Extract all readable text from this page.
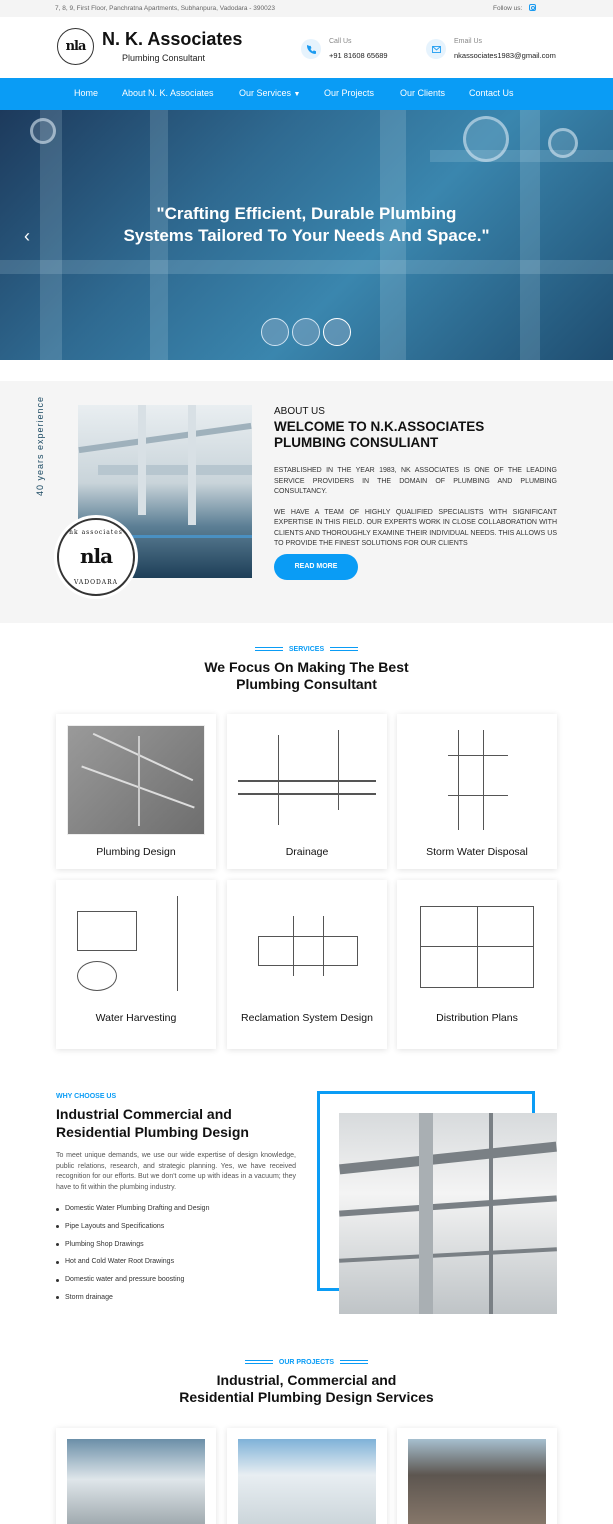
7, 8, 9, First Floor, Panchratna Apartments, Subhanpura, Vadodara - 390023	Follow us:
nla N. K. Associates
Plumbing Consultant
Call Us
+91 81608 65689
Email Us
nkassociates1983@gmail.com
Home	About N. K. Associates	Our Services ▼	Our Projects	Our Clients	Contact Us
‹
"Crafting Efficient, Durable Plumbing Systems Tailored To Your Needs And Space."
40 years experience
nk associates
nla
VADODARA
ABOUT US
WELCOME TO N.K.ASSOCIATES PLUMBING CONSULIANT

ESTABLISHED IN THE YEAR 1983, NK ASSOCIATES IS ONE OF THE LEADING SERVICE PROVIDERS IN THE DOMAIN OF PLUMBING AND PLUMBING CONSULTANCY.

WE HAVE A TEAM OF HIGHLY QUALIFIED SPECIALISTS WITH SIGNIFICANT EXPERTISE IN THIS FIELD. OUR EXPERTS WORK IN CLOSE COLLABORATION WITH CLIENTS AND THOROUGHLY EXAMINE THEIR INDIVIDUAL NEEDS. THIS ALLOWS US TO PROVIDE THE FINEST SOLUTIONS FOR OUR CLIENTS

READ MORE
SERVICES
We Focus On Making The Best
Plumbing Consultant
Plumbing Design	Drainage	Storm Water Disposal
Water Harvesting	Reclamation System Design	Distribution Plans
WHY CHOOSE US
Industrial Commercial and Residential Plumbing Design
To meet unique demands, we use our wide expertise of design knowledge, public relations, research, and strategic planning. Yes, we have received recognition for our efforts. But we don't come up with ideas in a vacuum; they have to fit within the plumbing industry.
Domestic Water Plumbing Drafting and Design
Pipe Layouts and Specifications
Plumbing Shop Drawings
Hot and Cold Water Root Drawings
Domestic water and pressure boosting
Storm drainage
OUR PROJECTS
Industrial, Commercial and
Residential Plumbing Design Services
